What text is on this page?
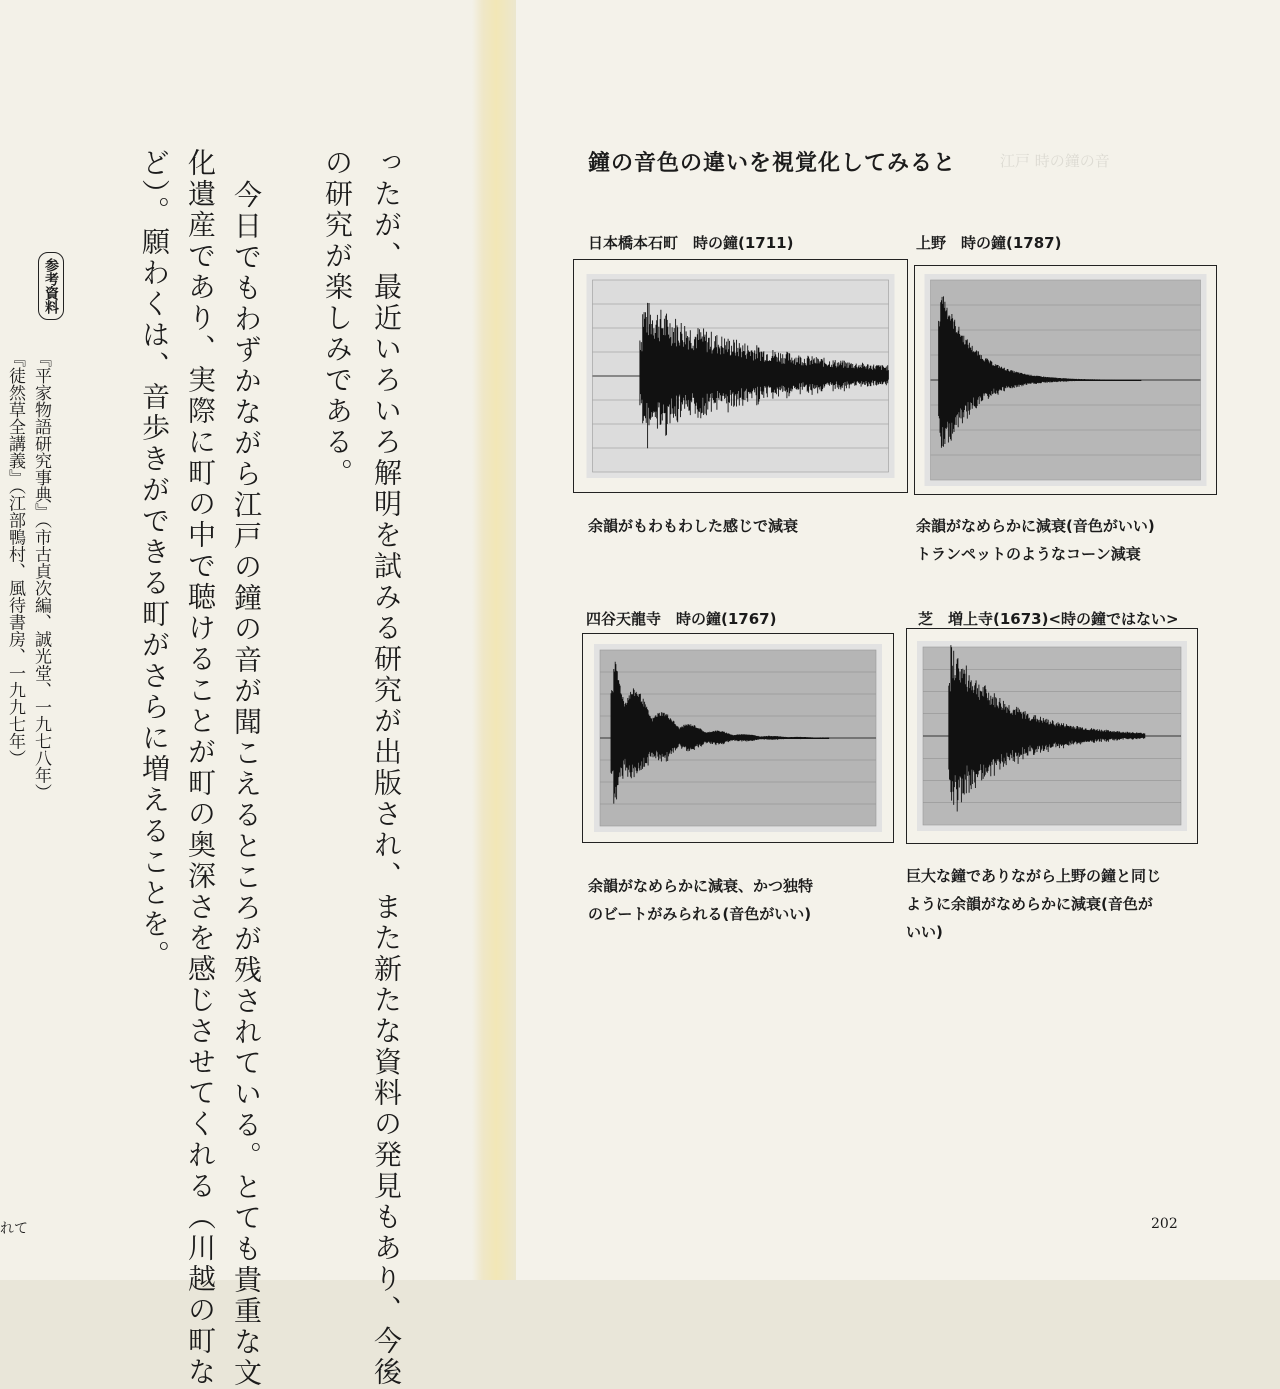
ったが、最近いろいろ解明を試みる研究が出版され、また新たな資料の発見もあり、今後
の研究が楽しみである。
今日でもわずかながら江戸の鐘の音が聞こえるところが残されている。とても貴重な文
化遺産であり、実際に町の中で聴けることが町の奥深さを感じさせてくれる（川越の町な
ど）。願わくは、音歩きができる町がさらに増えることを。
参考資料
『平家物語研究事典』（市古貞次編、誠光堂、一九七八年）
『徒然草全講義』（江部鴨村、風待書房、一九九七年）
れて
江戸 時の鐘の音
鐘の音色の違いを視覚化してみると
日本橋本石町　時の鐘(1711)
余韻がもわもわした感じで減衰
上野　時の鐘(1787)
余韻がなめらかに減衰(音色がいい)
トランペットのようなコーン減衰
四谷天龍寺　時の鐘(1767)
余韻がなめらかに減衰、かつ独特
のビートがみられる(音色がいい)
芝　増上寺(1673)<時の鐘ではない>
巨大な鐘でありながら上野の鐘と同じ
ように余韻がなめらかに減衰(音色が
いい)
202
